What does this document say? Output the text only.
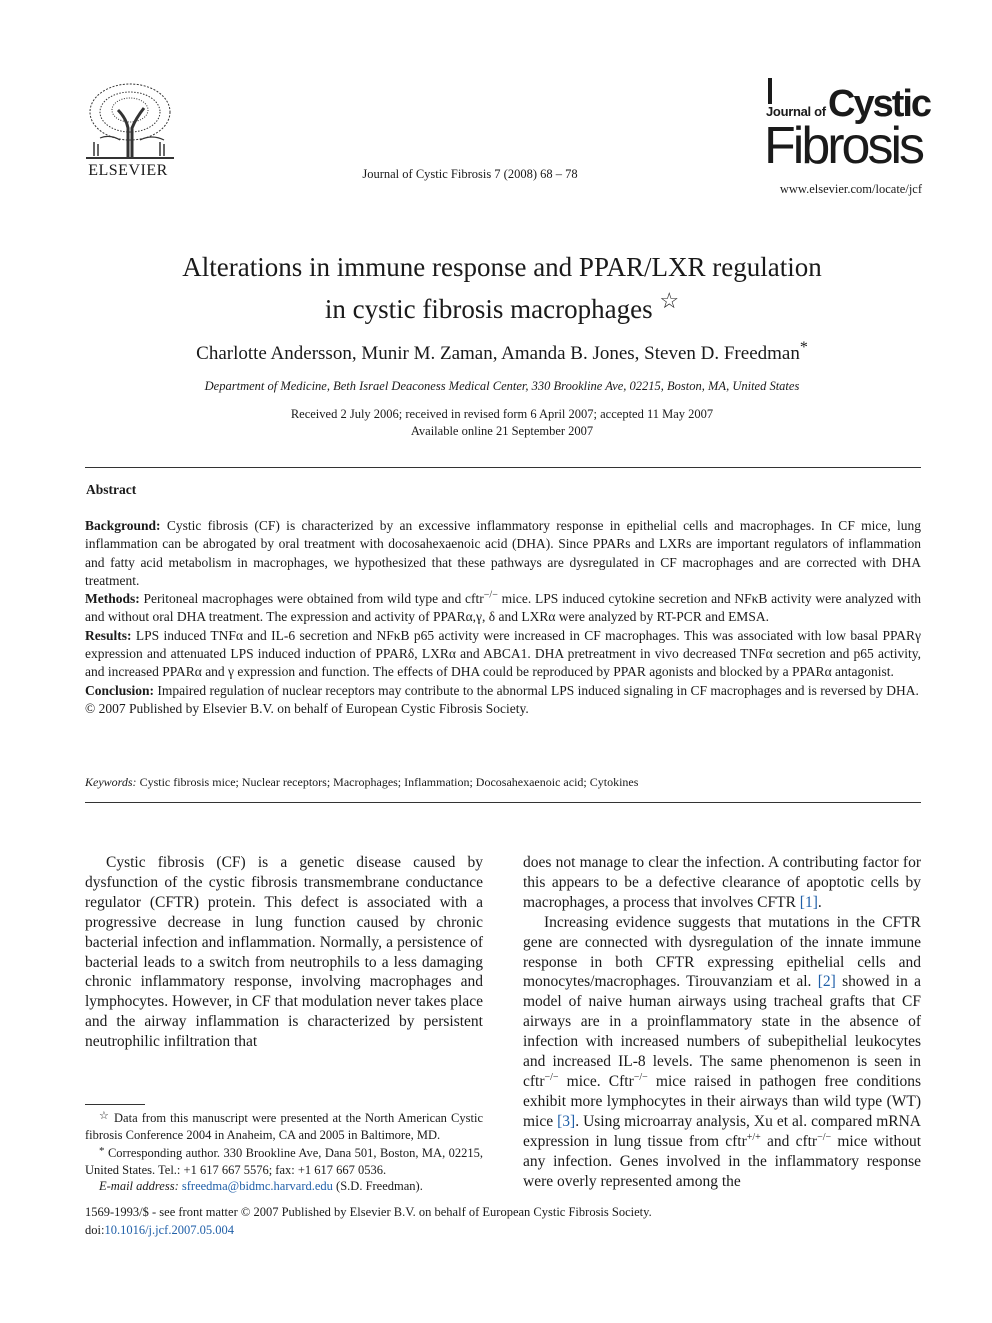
ELSEVIER	Journal of Cystic Fibrosis 7 (2008) 68 – 78
Journal of Cystic
Fibrosis
www.elsevier.com/locate/jcf
Alterations in immune response and PPAR/LXR regulation
in cystic fibrosis macrophages ☆
Charlotte Andersson, Munir M. Zaman, Amanda B. Jones, Steven D. Freedman*
Department of Medicine, Beth Israel Deaconess Medical Center, 330 Brookline Ave, 02215, Boston, MA, United States
Received 2 July 2006; received in revised form 6 April 2007; accepted 11 May 2007
Available online 21 September 2007
Abstract

Background: Cystic fibrosis (CF) is characterized by an excessive inflammatory response in epithelial cells and macrophages. In CF mice, lung inflammation can be abrogated by oral treatment with docosahexaenoic acid (DHA). Since PPARs and LXRs are important regulators of inflammation and fatty acid metabolism in macrophages, we hypothesized that these pathways are dysregulated in CF macrophages and are corrected with DHA treatment.

Methods: Peritoneal macrophages were obtained from wild type and cftr−/− mice. LPS induced cytokine secretion and NFκB activity were analyzed with and without oral DHA treatment. The expression and activity of PPARα,γ, δ and LXRα were analyzed by RT-PCR and EMSA.

Results: LPS induced TNFα and IL-6 secretion and NFκB p65 activity were increased in CF macrophages. This was associated with low basal PPARγ expression and attenuated LPS induced induction of PPARδ, LXRα and ABCA1. DHA pretreatment in vivo decreased TNFα secretion and p65 activity, and increased PPARα and γ expression and function. The effects of DHA could be reproduced by PPAR agonists and blocked by a PPARα antagonist.

Conclusion: Impaired regulation of nuclear receptors may contribute to the abnormal LPS induced signaling in CF macrophages and is reversed by DHA.

© 2007 Published by Elsevier B.V. on behalf of European Cystic Fibrosis Society.

Keywords: Cystic fibrosis mice; Nuclear receptors; Macrophages; Inflammation; Docosahexaenoic acid; Cytokines

Cystic fibrosis (CF) is a genetic disease caused by dysfunction of the cystic fibrosis transmembrane conductance regulator (CFTR) protein. This defect is associated with a progressive decrease in lung function caused by chronic bacterial infection and inflammation. Normally, a persistence of bacterial leads to a switch from neutrophils to a less damaging chronic inflammatory response, involving macrophages and lymphocytes. However, in CF that modulation never takes place and the airway inflammation is characterized by persistent neutrophilic infiltration that

does not manage to clear the infection. A contributing factor for this appears to be a defective clearance of apoptotic cells by macrophages, a process that involves CFTR [1].

Increasing evidence suggests that mutations in the CFTR gene are connected with dysregulation of the innate immune response in both CFTR expressing epithelial cells and monocytes/macrophages. Tirouvanziam et al. [2] showed in a model of naive human airways using tracheal grafts that CF airways are in a proinflammatory state in the absence of infection with increased numbers of subepithelial leukocytes and increased IL-8 levels. The same phenomenon is seen in cftr−/− mice. Cftr−/− mice raised in pathogen free conditions exhibit more lymphocytes in their airways than wild type (WT) mice [3]. Using microarray analysis, Xu et al. compared mRNA expression in lung tissue from cftr+/+ and cftr−/− mice without any infection. Genes involved in the inflammatory response were overly represented among the

☆ Data from this manuscript were presented at the North American Cystic fibrosis Conference 2004 in Anaheim, CA and 2005 in Baltimore, MD.

* Corresponding author. 330 Brookline Ave, Dana 501, Boston, MA, 02215, United States. Tel.: +1 617 667 5576; fax: +1 617 667 0536.

E-mail address: sfreedma@bidmc.harvard.edu (S.D. Freedman).

1569-1993/$ - see front matter © 2007 Published by Elsevier B.V. on behalf of European Cystic Fibrosis Society.
doi:10.1016/j.jcf.2007.05.004
